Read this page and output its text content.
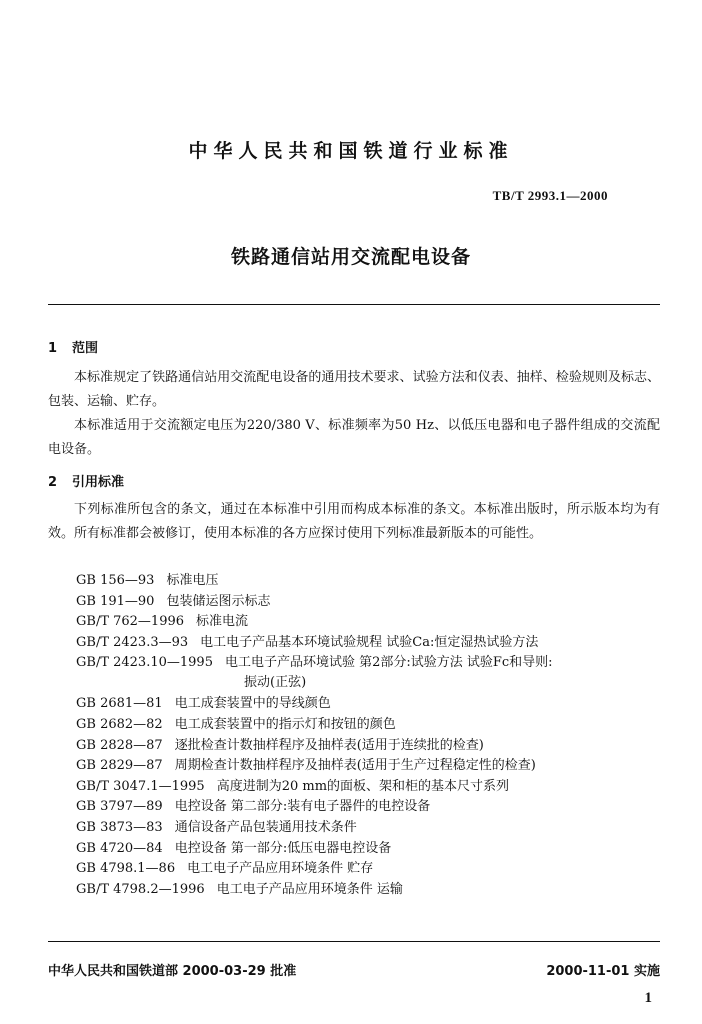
中华人民共和国铁道行业标准
TB/T 2993.1—2000
铁路通信站用交流配电设备
1 范围
本标准规定了铁路通信站用交流配电设备的通用技术要求、试验方法和仪表、抽样、检验规则及标志、包装、运输、贮存。
本标准适用于交流额定电压为220/380 V、标准频率为50 Hz、以低压电器和电子器件组成的交流配电设备。
2 引用标准
下列标准所包含的条文，通过在本标准中引用而构成本标准的条文。本标准出版时，所示版本均为有效。所有标准都会被修订，使用本标准的各方应探讨使用下列标准最新版本的可能性。
GB 156—93 标准电压
GB 191—90 包装储运图示标志
GB/T 762—1996 标准电流
GB/T 2423.3—93 电工电子产品基本环境试验规程 试验Ca:恒定湿热试验方法
GB/T 2423.10—1995 电工电子产品环境试验 第2部分:试验方法 试验Fc和导则:
振动(正弦)
GB 2681—81 电工成套装置中的导线颜色
GB 2682—82 电工成套装置中的指示灯和按钮的颜色
GB 2828—87 逐批检查计数抽样程序及抽样表(适用于连续批的检查)
GB 2829—87 周期检查计数抽样程序及抽样表(适用于生产过程稳定性的检查)
GB/T 3047.1—1995 高度进制为20 mm的面板、架和柜的基本尺寸系列
GB 3797—89 电控设备 第二部分:装有电子器件的电控设备
GB 3873—83 通信设备产品包装通用技术条件
GB 4720—84 电控设备 第一部分:低压电器电控设备
GB 4798.1—86 电工电子产品应用环境条件 贮存
GB/T 4798.2—1996 电工电子产品应用环境条件 运输
中华人民共和国铁道部 2000-03-29 批准	2000-11-01 实施
1
